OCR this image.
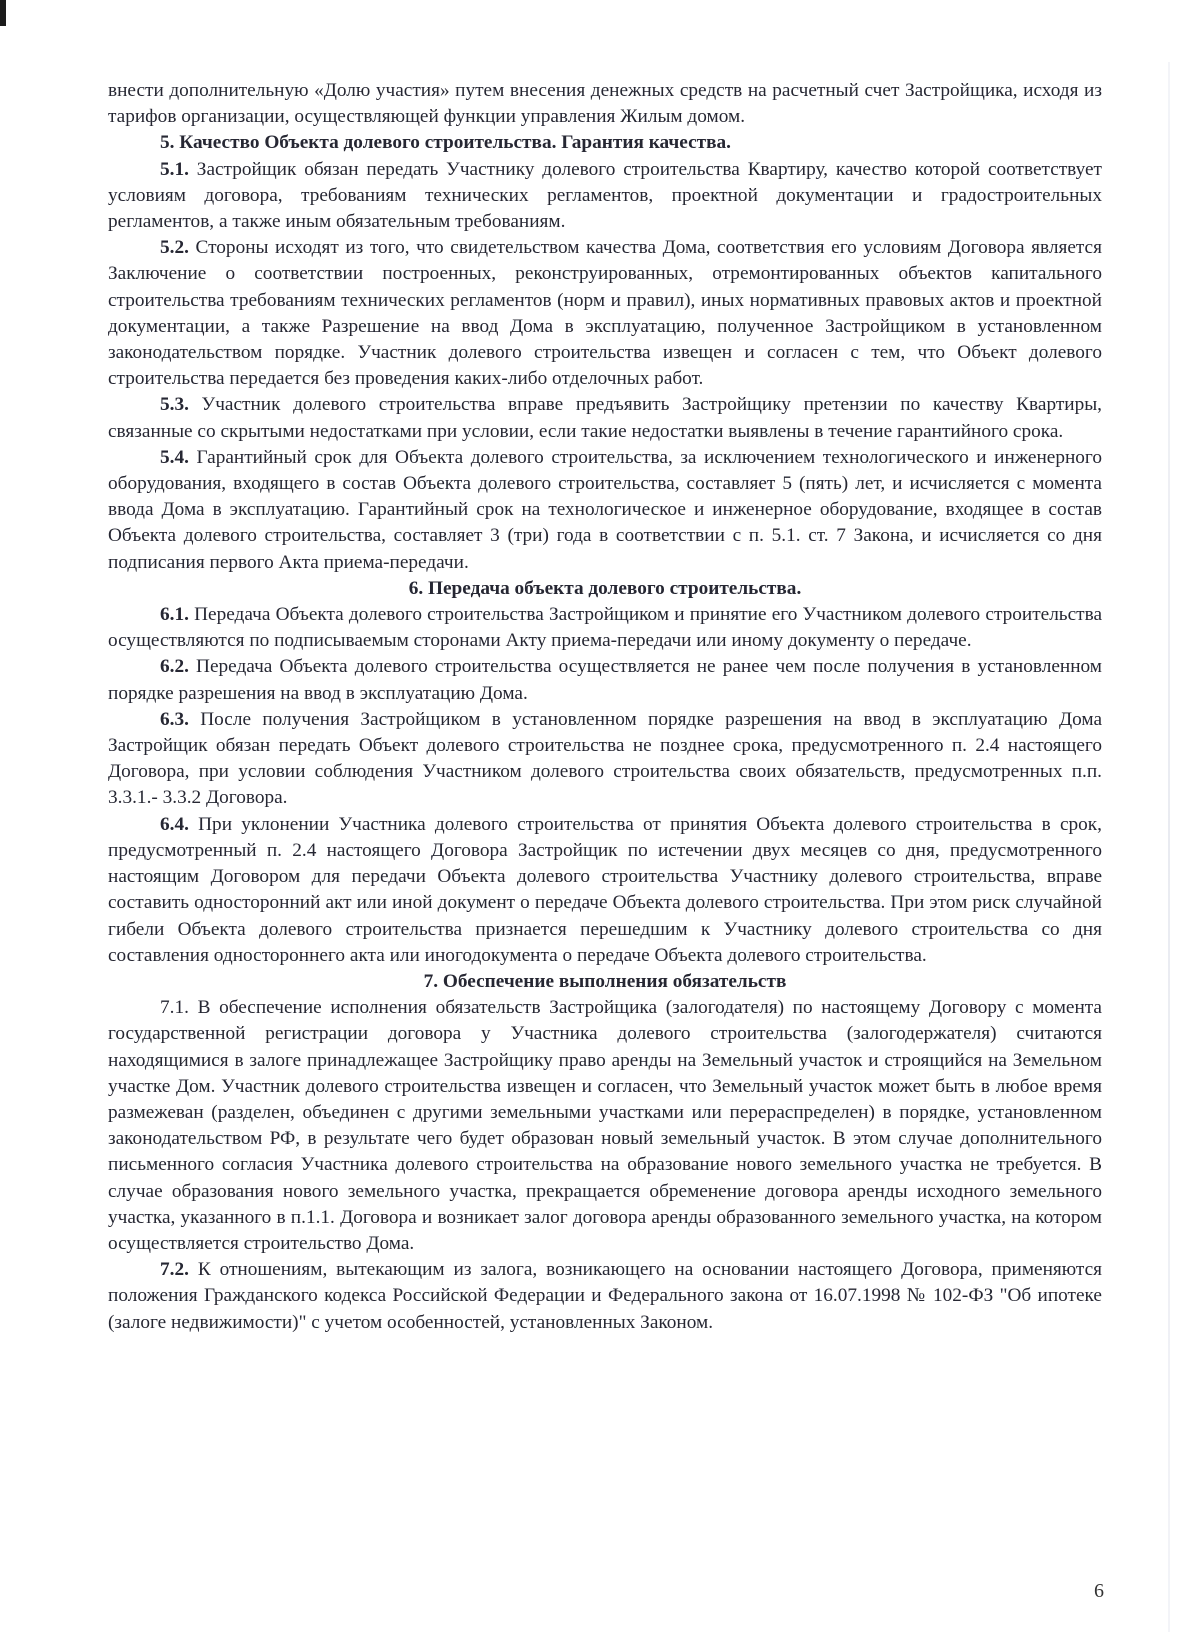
внести дополнительную «Долю участия» путем внесения денежных средств на расчетный счет Застройщика, исходя из тарифов организации, осуществляющей функции управления Жилым домом.

5. Качество Объекта долевого строительства. Гарантия качества.

5.1. Застройщик обязан передать Участнику долевого строительства Квартиру, качество которой соответствует условиям договора, требованиям технических регламентов, проектной документации и градостроительных регламентов, а также иным обязательным требованиям.

5.2. Стороны исходят из того, что свидетельством качества Дома, соответствия его условиям Договора является Заключение о соответствии построенных, реконструированных, отремонтированных объектов капитального строительства требованиям технических регламентов (норм и правил), иных нормативных правовых актов и проектной документации, а также Разрешение на ввод Дома в эксплуатацию, полученное Застройщиком в установленном законодательством порядке. Участник долевого строительства извещен и согласен с тем, что Объект долевого строительства передается без проведения каких-либо отделочных работ.

5.3. Участник долевого строительства вправе предъявить Застройщику претензии по качеству Квартиры, связанные со скрытыми недостатками при условии, если такие недостатки выявлены в течение гарантийного срока.

5.4. Гарантийный срок для Объекта долевого строительства, за исключением технологического и инженерного оборудования, входящего в состав Объекта долевого строительства, составляет 5 (пять) лет, и исчисляется с момента ввода Дома в эксплуатацию. Гарантийный срок на технологическое и инженерное оборудование, входящее в состав Объекта долевого строительства, составляет 3 (три) года в соответствии с п. 5.1. ст. 7 Закона, и исчисляется со дня подписания первого Акта приема-передачи.

6. Передача объекта долевого строительства.

6.1. Передача Объекта долевого строительства Застройщиком и принятие его Участником долевого строительства осуществляются по подписываемым сторонами Акту приема-передачи или иному документу о передаче.

6.2. Передача Объекта долевого строительства осуществляется не ранее чем после получения в установленном порядке разрешения на ввод в эксплуатацию Дома.

6.3. После получения Застройщиком в установленном порядке разрешения на ввод в эксплуатацию Дома Застройщик обязан передать Объект долевого строительства не позднее срока, предусмотренного п. 2.4 настоящего Договора, при условии соблюдения Участником долевого строительства своих обязательств, предусмотренных п.п. 3.3.1.- 3.3.2 Договора.

6.4. При уклонении Участника долевого строительства от принятия Объекта долевого строительства в срок, предусмотренный п. 2.4 настоящего Договора Застройщик по истечении двух месяцев со дня, предусмотренного настоящим Договором для передачи Объекта долевого строительства Участнику долевого строительства, вправе составить односторонний акт или иной документ о передаче Объекта долевого строительства. При этом риск случайной гибели Объекта долевого строительства признается перешедшим к Участнику долевого строительства со дня составления одностороннего акта или иногодокумента о передаче Объекта долевого строительства.

7. Обеспечение выполнения обязательств

7.1. В обеспечение исполнения обязательств Застройщика (залогодателя) по настоящему Договору с момента государственной регистрации договора у Участника долевого строительства (залогодержателя) считаются находящимися в залоге принадлежащее Застройщику право аренды на Земельный участок и строящийся на Земельном участке Дом. Участник долевого строительства извещен и согласен, что Земельный участок может быть в любое время размежеван (разделен, объединен с другими земельными участками или перераспределен) в порядке, установленном законодательством РФ, в результате чего будет образован новый земельный участок. В этом случае дополнительного письменного согласия Участника долевого строительства на образование нового земельного участка не требуется. В случае образования нового земельного участка, прекращается обременение договора аренды исходного земельного участка, указанного в п.1.1. Договора и возникает залог договора аренды образованного земельного участка, на котором осуществляется строительство Дома.

7.2. К отношениям, вытекающим из залога, возникающего на основании настоящего Договора, применяются положения Гражданского кодекса Российской Федерации и Федерального закона от 16.07.1998 № 102-ФЗ "Об ипотеке (залоге недвижимости)" с учетом особенностей, установленных Законом.

6
